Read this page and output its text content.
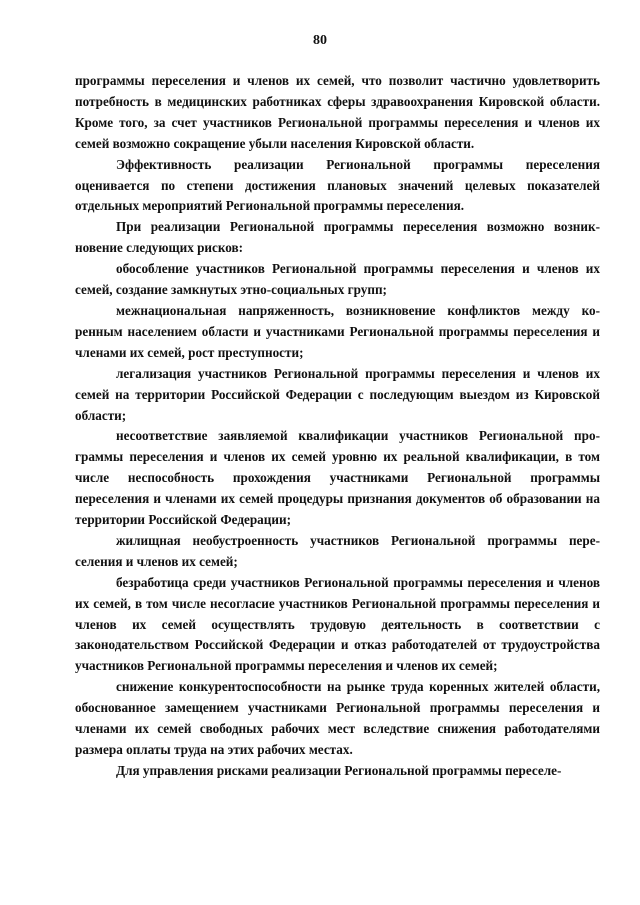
80

программы переселения и членов их семей, что позволит частично удовлетворить потребность в медицинских работниках сферы здравоохранения Кировской области. Кроме того, за счет участников Региональной программы переселения и членов их семей возможно сокращение убыли населения Кировской области.

Эффективность реализации Региональной программы переселения оценивается по степени достижения плановых значений целевых показателей отдельных мероприятий Региональной программы переселения.

При реализации Региональной программы переселения возможно возникновение следующих рисков:

обособление участников Региональной программы переселения и членов их семей, создание замкнутых этно-социальных групп;

межнациональная напряженность, возникновение конфликтов между коренным населением области и участниками Региональной программы переселения и членами их семей, рост преступности;

легализация участников Региональной программы переселения и членов их семей на территории Российской Федерации с последующим выездом из Кировской области;

несоответствие заявляемой квалификации участников Региональной программы переселения и членов их семей уровню их реальной квалификации, в том числе неспособность прохождения участниками Региональной программы переселения и членами их семей процедуры признания документов об образовании на территории Российской Федерации;

жилищная необустроенность участников Региональной программы переселения и членов их семей;

безработица среди участников Региональной программы переселения и членов их семей, в том числе несогласие участников Региональной программы переселения и членов их семей осуществлять трудовую деятельность в соответствии с законодательством Российской Федерации и отказ работодателей от трудоустройства участников Региональной программы переселения и членов их семей;

снижение конкурентоспособности на рынке труда коренных жителей области, обоснованное замещением участниками Региональной программы переселения и членами их семей свободных рабочих мест вследствие снижения работодателями размера оплаты труда на этих рабочих местах.

Для управления рисками реализации Региональной программы переселе-
